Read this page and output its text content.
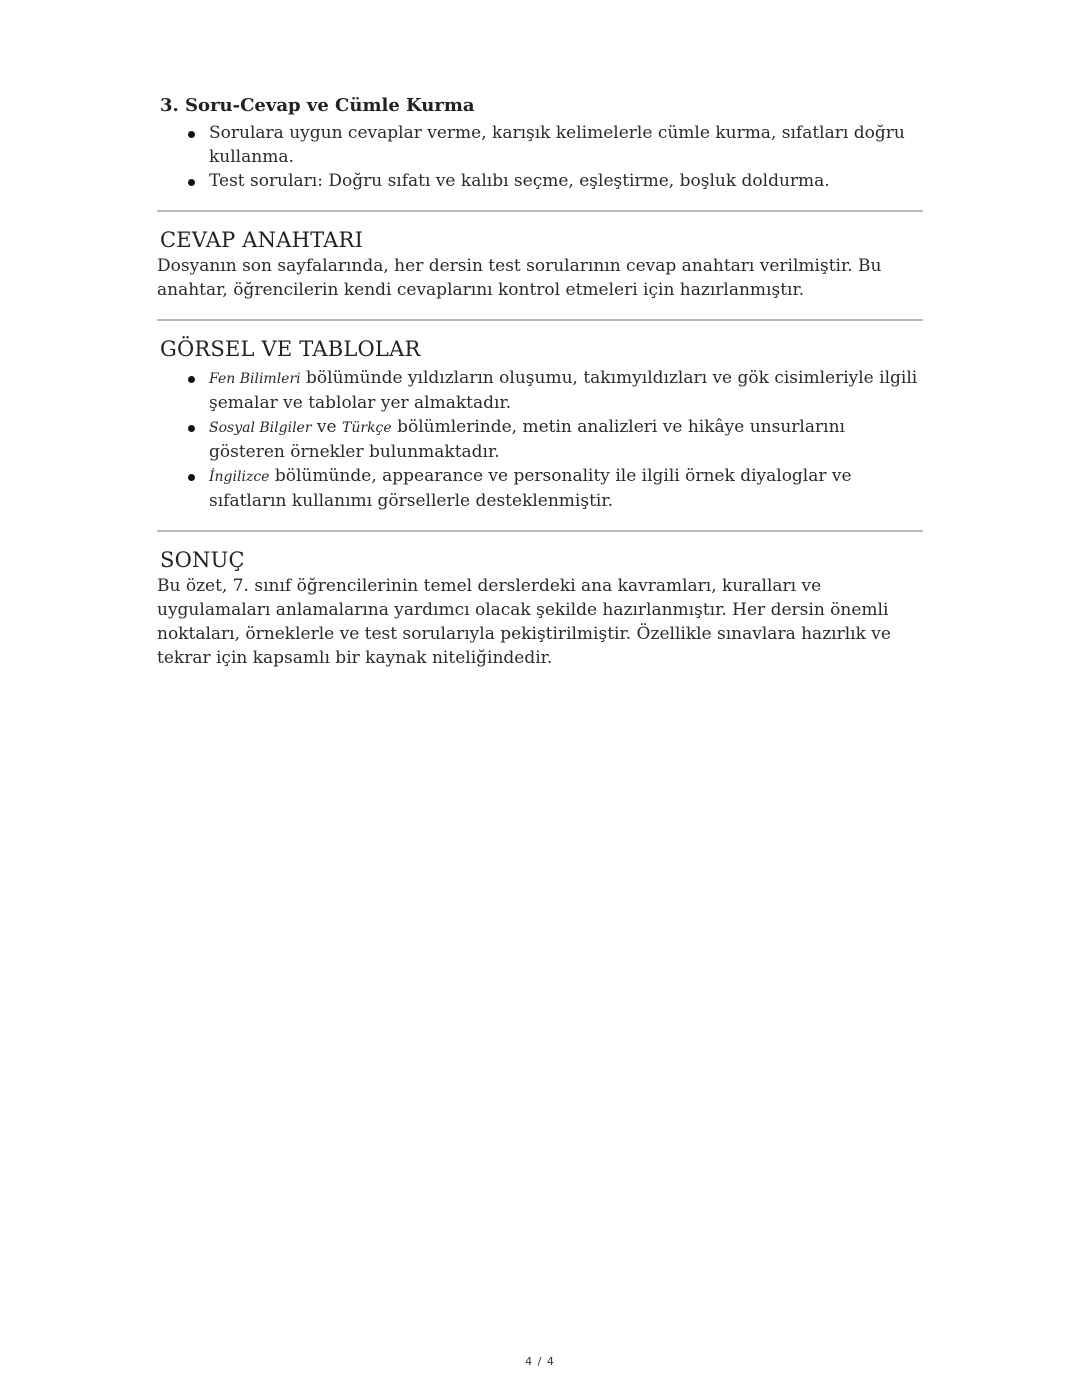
3. Soru-Cevap ve Cümle Kurma
Sorulara uygun cevaplar verme, karışık kelimelerle cümle kurma, sıfatları doğru kullanma.
Test soruları: Doğru sıfatı ve kalıbı seçme, eşleştirme, boşluk doldurma.
CEVAP ANAHTARI

Dosyanın son sayfalarında, her dersin test sorularının cevap anahtarı verilmiştir. Bu anahtar, öğrencilerin kendi cevaplarını kontrol etmeleri için hazırlanmıştır.

GÖRSEL VE TABLOLAR
Fen Bilimleri bölümünde yıldızların oluşumu, takımyıldızları ve gök cisimleriyle ilgili şemalar ve tablolar yer almaktadır.
Sosyal Bilgiler ve Türkçe bölümlerinde, metin analizleri ve hikâye unsurlarını gösteren örnekler bulunmaktadır.
İngilizce bölümünde, appearance ve personality ile ilgili örnek diyaloglar ve sıfatların kullanımı görsellerle desteklenmiştir.
SONUÇ

Bu özet, 7. sınıf öğrencilerinin temel derslerdeki ana kavramları, kuralları ve uygulamaları anlamalarına yardımcı olacak şekilde hazırlanmıştır. Her dersin önemli noktaları, örneklerle ve test sorularıyla pekiştirilmiştir. Özellikle sınavlara hazırlık ve tekrar için kapsamlı bir kaynak niteliğindedir.

4 / 4
